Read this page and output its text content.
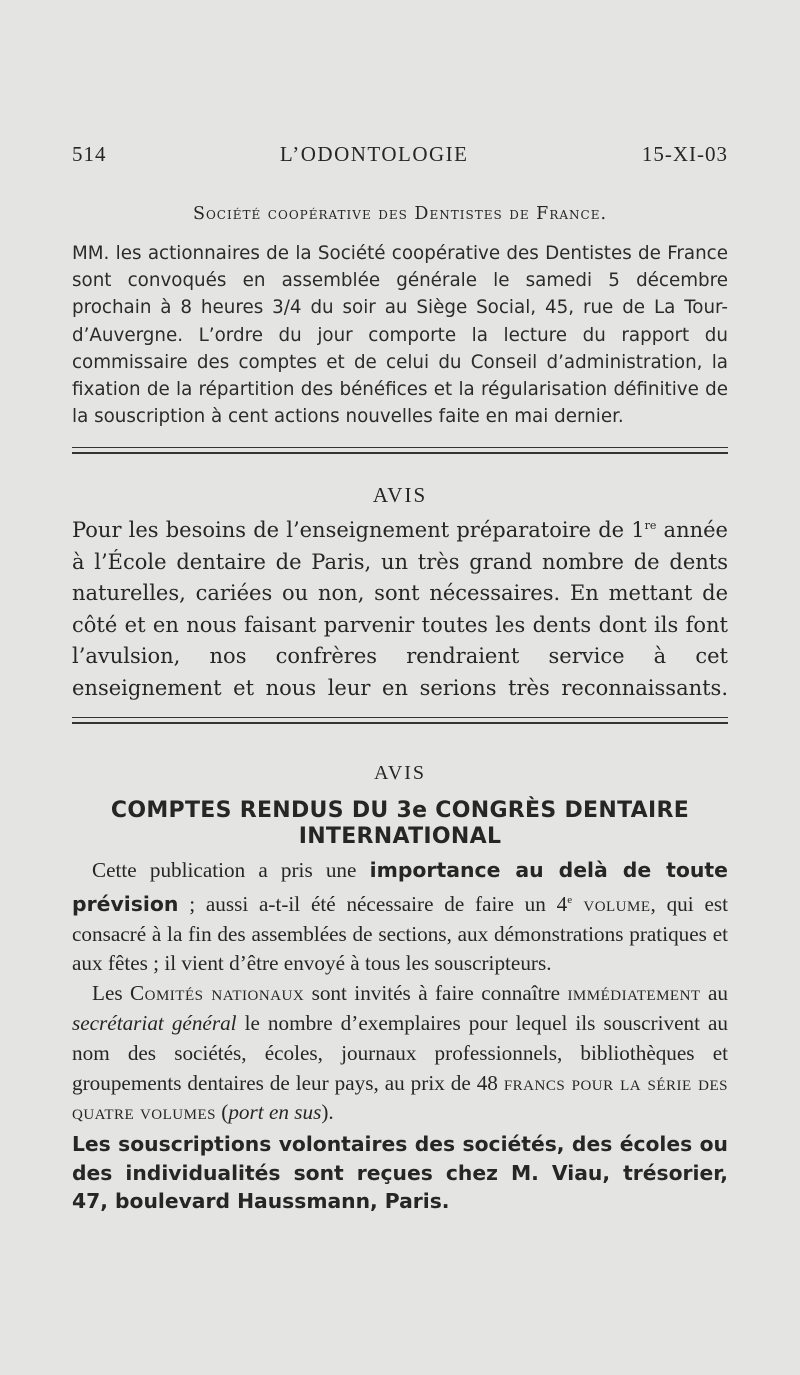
514	L’ODONTOLOGIE	15-XI-03
Société coopérative des Dentistes de France.
MM. les actionnaires de la Société coopérative des Dentistes de France sont convoqués en assemblée générale le samedi 5 décembre prochain à 8 heures 3/4 du soir au Siège Social, 45, rue de La Tour-d’Auvergne. L’ordre du jour comporte la lecture du rapport du commissaire des comptes et de celui du Conseil d’administration, la fixation de la répartition des bénéfices et la régularisation définitive de la souscription à cent actions nouvelles faite en mai dernier.
AVIS

Pour les besoins de l’enseignement préparatoire de 1re année à l’École dentaire de Paris, un très grand nombre de dents naturelles, cariées ou non, sont nécessaires. En mettant de côté et en nous faisant parvenir toutes les dents dont ils font l’avulsion, nos confrères rendraient service à cet enseignement et nous leur en serions très reconnaissants.

AVIS
COMPTES RENDUS DU 3e CONGRÈS DENTAIRE INTERNATIONAL

Cette publication a pris une importance au delà de toute prévision ; aussi a-t-il été nécessaire de faire un 4e volume, qui est consacré à la fin des assemblées de sections, aux démonstrations pratiques et aux fêtes ; il vient d’être envoyé à tous les souscripteurs.

Les Comités nationaux sont invités à faire connaître immédiatement au secrétariat général le nombre d’exemplaires pour lequel ils souscrivent au nom des sociétés, écoles, journaux professionnels, bibliothèques et groupements dentaires de leur pays, au prix de 48 francs pour la série des quatre volumes (port en sus).

Les souscriptions volontaires des sociétés, des écoles ou des individualités sont reçues chez M. Viau, trésorier, 47, boulevard Haussmann, Paris.
